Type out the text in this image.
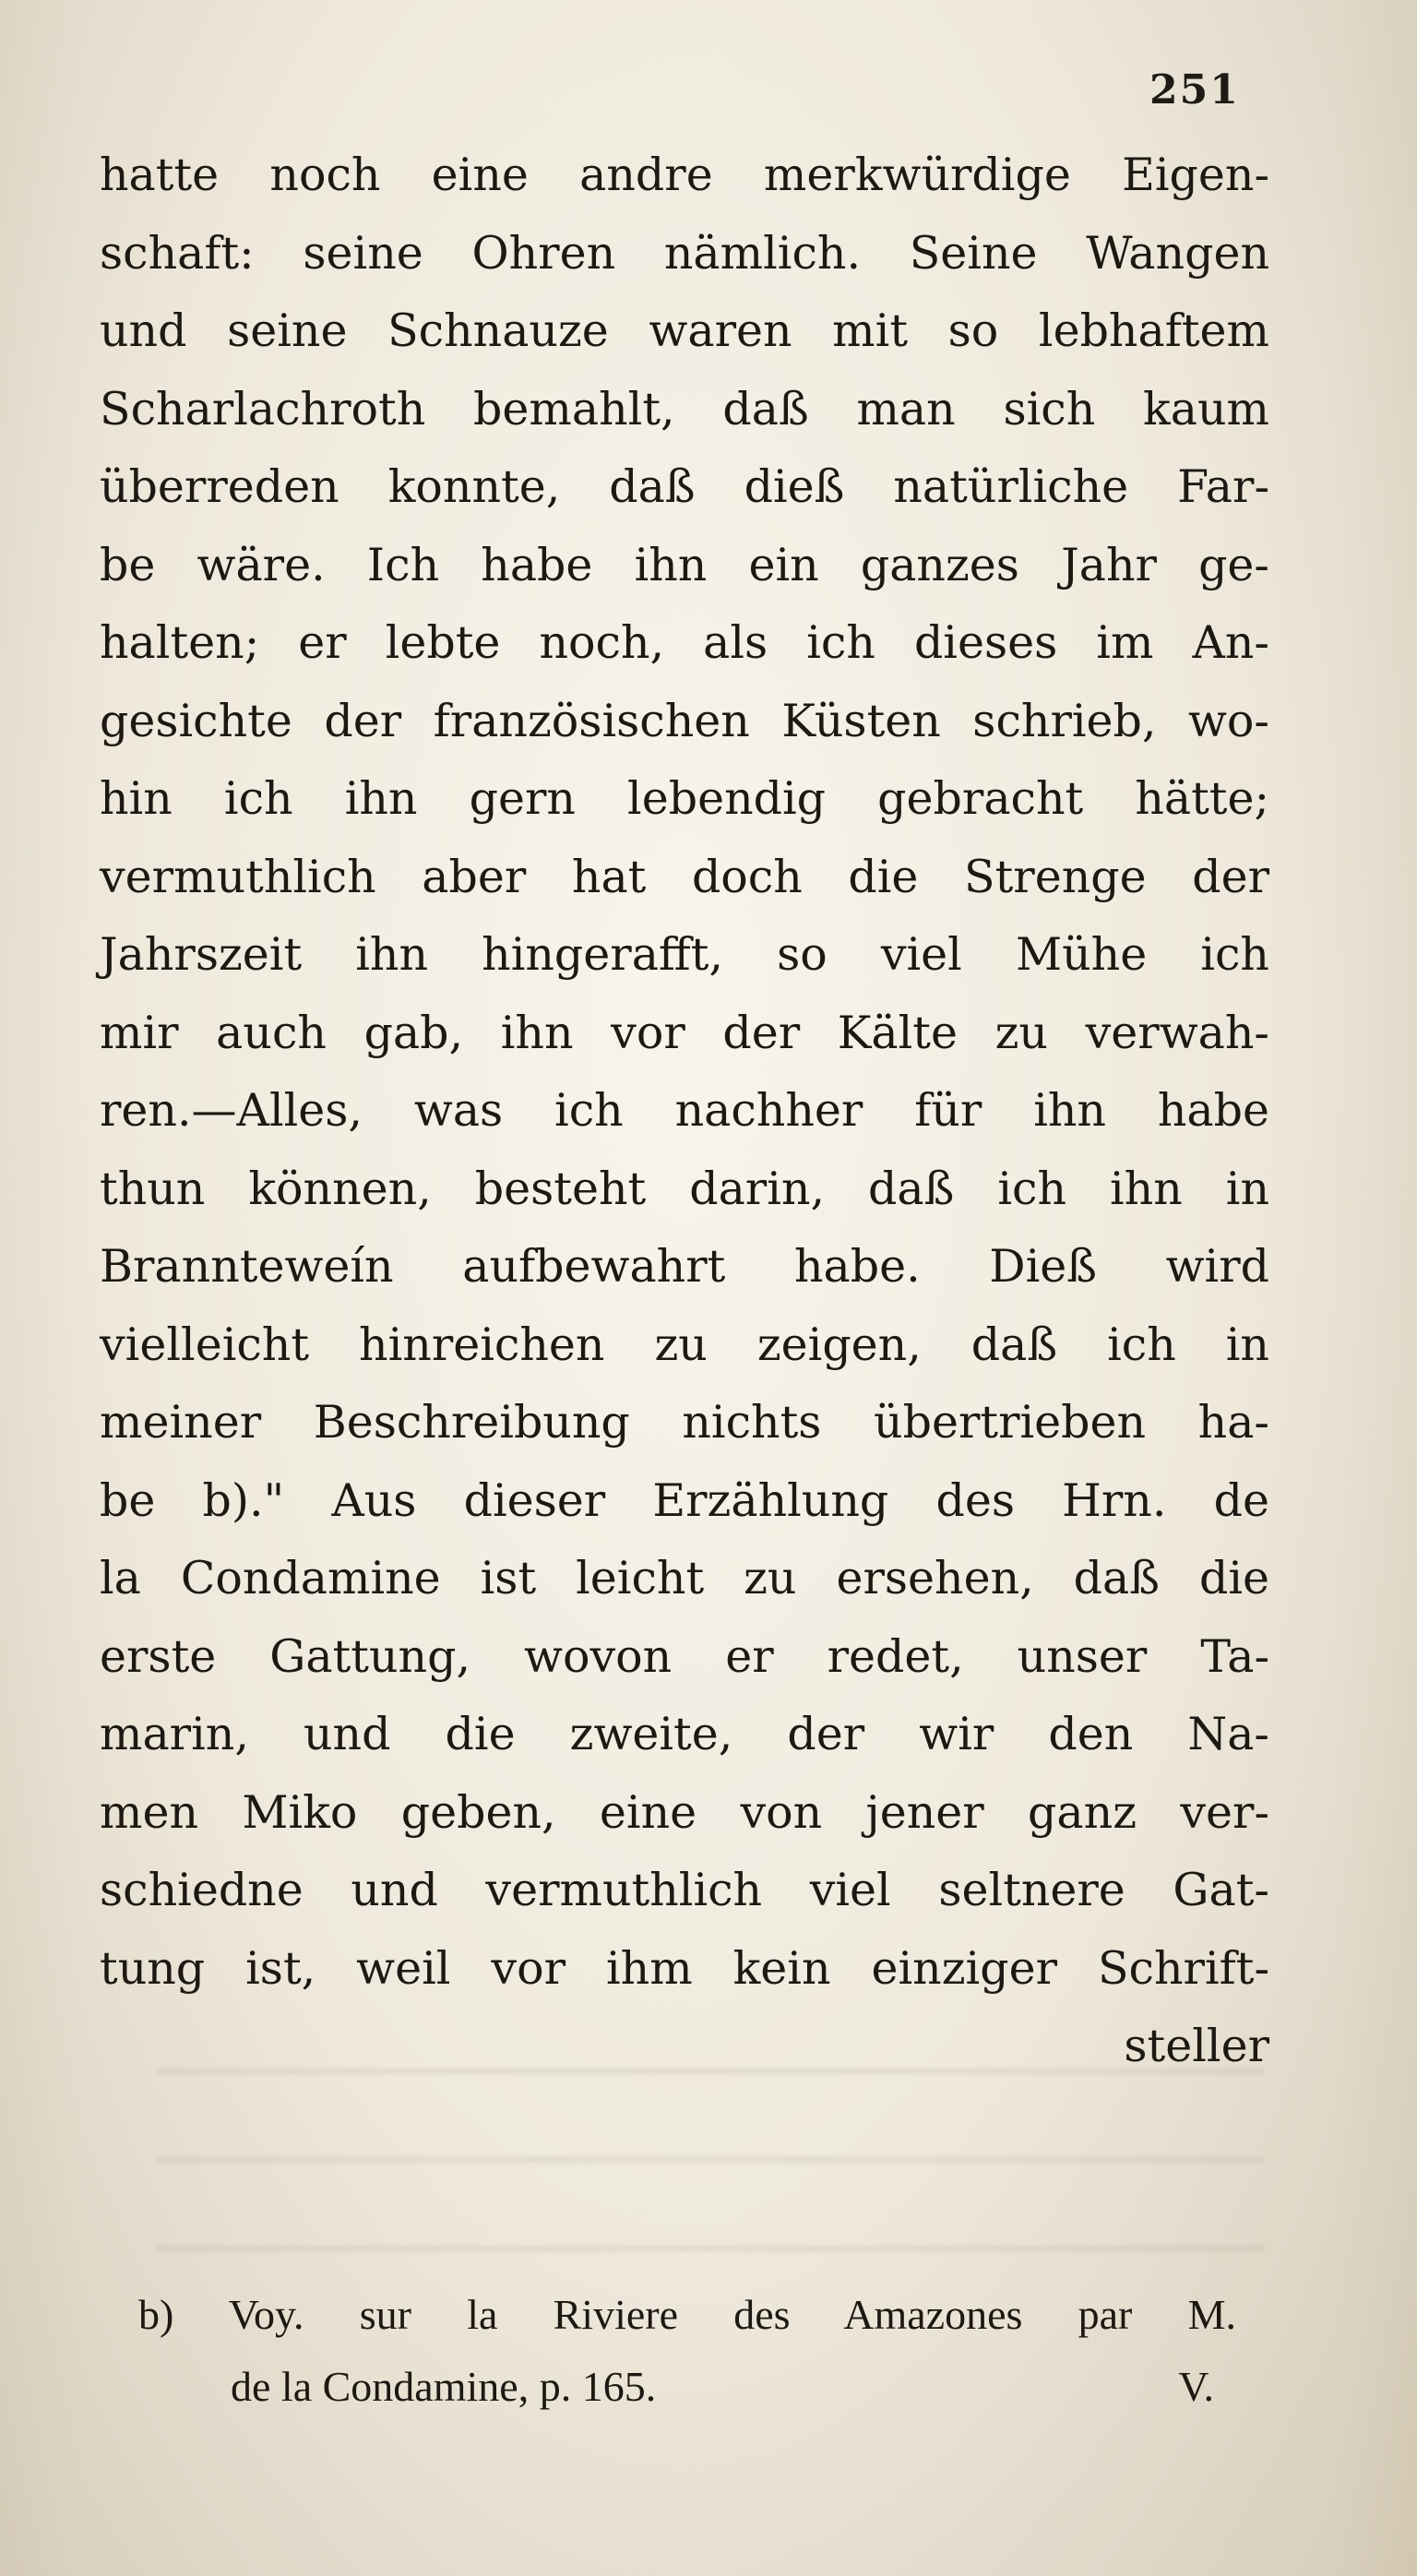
251
hatte noch eine andre merkwürdige Eigen-
schaft: seine Ohren nämlich. Seine Wangen
und seine Schnauze waren mit so lebhaftem
Scharlachroth bemahlt, daß man sich kaum
überreden konnte, daß dieß natürliche Far-
be wäre. Ich habe ihn ein ganzes Jahr ge-
halten; er lebte noch, als ich dieses im An-
gesichte der französischen Küsten schrieb, wo-
hin ich ihn gern lebendig gebracht hätte;
vermuthlich aber hat doch die Strenge der
Jahrszeit ihn hingerafft, so viel Mühe ich
mir auch gab, ihn vor der Kälte zu verwah-
ren.—Alles, was ich nachher für ihn habe
thun können, besteht darin, daß ich ihn in
Brannteweín aufbewahrt habe. Dieß wird
vielleicht hinreichen zu zeigen, daß ich in
meiner Beschreibung nichts übertrieben ha-
be b)." Aus dieser Erzählung des Hrn. de
la Condamine ist leicht zu ersehen, daß die
erste Gattung, wovon er redet, unser Ta-
marin, und die zweite, der wir den Na-
men Miko geben, eine von jener ganz ver-
schiedne und vermuthlich viel seltnere Gat-
tung ist, weil vor ihm kein einziger Schrift-
steller
b) Voy. sur la Riviere des Amazones par M.
de la Condamine, p. 165.	V.
